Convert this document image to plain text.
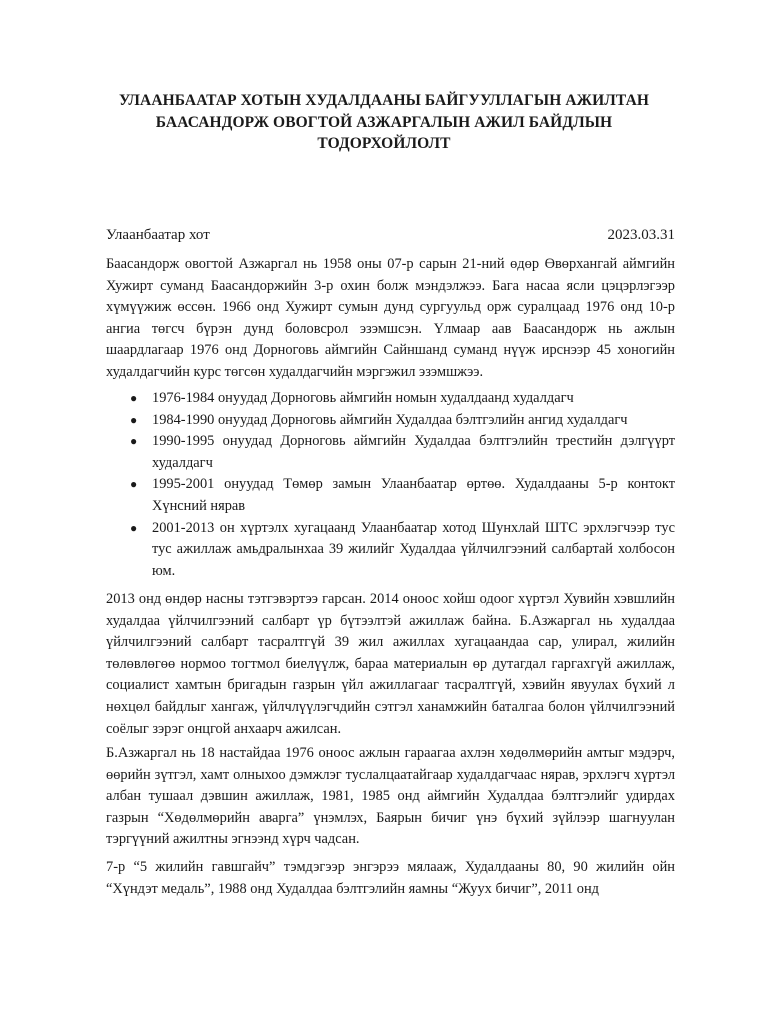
УЛААНБААТАР ХОТЫН ХУДАЛДААНЫ БАЙГУУЛЛАГЫН АЖИЛТАН
БААСАНДОРЖ ОВОГТОЙ АЗЖАРГАЛЫН АЖИЛ БАЙДЛЫН
ТОДОРХОЙЛОЛТ
Улаанбаатар хот	2023.03.31

Баасандорж овогтой Азжаргал нь 1958 оны 07-р сарын 21-ний өдөр Өвөрхангай аймгийн Хужирт суманд Баасандоржийн 3-р охин болж мэндэлжээ. Бага насаа ясли цэцэрлэгээр хүмүүжиж өссөн. 1966 онд Хужирт сумын дунд сургуульд орж суралцаад 1976 онд 10-р ангиа төгсч бүрэн дунд боловсрол эзэмшсэн. Үлмаар аав Баасандорж нь ажлын шаардлагаар 1976 онд Дорноговь аймгийн Сайншанд суманд нүүж ирснээр 45 хоногийн худалдагчийн курс төгсөн худалдагчийн мэргэжил эзэмшжээ.

● 1976-1984 онуудад Дорноговь аймгийн номын худалдаанд худалдагч
● 1984-1990 онуудад Дорноговь аймгийн Худалдаа бэлтгэлийн ангид худалдагч
● 1990-1995 онуудад Дорноговь аймгийн Худалдаа бэлтгэлийн трестийн дэлгүүрт худалдагч
● 1995-2001 онуудад Төмөр замын Улаанбаатар өртөө. Худалдааны 5-р контокт Хүнсний нярав
● 2001-2013 он хүртэлх хугацаанд Улаанбаатар хотод Шунхлай ШТС эрхлэгчээр тус тус ажиллаж амьдралынхаа 39 жилийг Худалдаа үйлчилгээний салбартай холбосон юм.

2013 онд өндөр насны тэтгэвэртээ гарсан. 2014 оноос хойш одоог хүртэл Хувийн хэвшлийн худалдаа үйлчилгээний салбарт үр бүтээлтэй ажиллаж байна. Б.Азжаргал нь худалдаа үйлчилгээний салбарт тасралтгүй 39 жил ажиллах хугацаандаа сар, улирал, жилийн төлөвлөгөө нормоо тогтмол биелүүлж, бараа материалын өр дутагдал гаргахгүй ажиллаж, социалист хамтын бригадын газрын үйл ажиллагааг тасралтгүй, хэвийн явуулах бүхий л нөхцөл байдлыг хангаж, үйлчлүүлэгчдийн сэтгэл ханамжийн баталгаа болон үйлчилгээний соёлыг зэрэг онцгой анхаарч ажилсан.

Б.Азжаргал нь 18 настайдаа 1976 оноос ажлын гараагаа ахлэн хөдөлмөрийн амтыг мэдэрч, өөрийн зүтгэл, хамт олныхоо дэмжлэг туслалцаатайгаар худалдагчаас нярав, эрхлэгч хүртэл албан тушаал дэвшин ажиллаж, 1981, 1985 онд аймгийн Худалдаа бэлтгэлийг удирдах газрын “Хөдөлмөрийн аварга” үнэмлэх, Баярын бичиг үнэ бүхий зүйлээр шагнуулан тэргүүний ажилтны эгнээнд хүрч чадсан.

7-р “5 жилийн гавшгайч” тэмдэгээр энгэрээ мялааж, Худалдааны 80, 90 жилийн ойн “Хүндэт медаль”, 1988 онд Худалдаа бэлтгэлийн яамны “Жуух бичиг”, 2011 онд
